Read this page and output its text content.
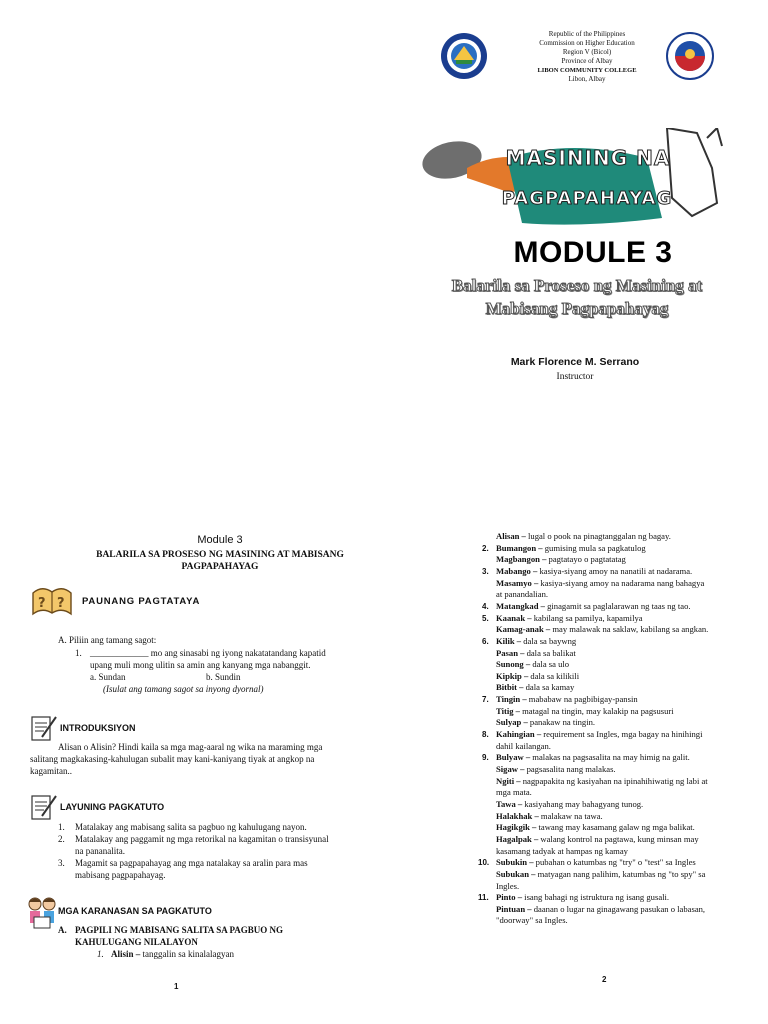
Republic of the Philippines
Commission on Higher Education
Region V (Bicol)
Province of Albay
LIBON COMMUNITY COLLEGE
Libon, Albay
MASINING NA
PAGPAPAHAYAG
MODULE 3
Balarila sa Proseso ng Masining at
Mabisang Pagpapahayag
Mark Florence M. Serrano
Instructor
Module 3
BALARILA SA PROSESO NG MASINING AT MABISANG
PAGPAPAHAYAG
? ? PAUNANG PAGTATAYA
A. Piliin ang tamang sagot:
1. _____________ mo ang sinasabi ng iyong nakatatandang kapatid
upang muli mong ulitin sa amin ang kanyang mga nabanggit.
a. Sundan	b. Sundin
(Isulat ang tamang sagot sa inyong dyornal)
INTRODUKSIYON
Alisan o Alisin? Hindi kaila sa mga mag-aaral ng wika na maraming mga
salitang magkakasing-kahulugan subalit may kani-kaniyang tiyak at angkop na
kagamitan..
LAYUNING PAGKATUTO
1. Matalakay ang mabisang salita sa pagbuo ng kahulugang nayon.
2. Matalakay ang paggamit ng mga retorikal na kagamitan o transisyunal
na pananalita.
3. Magamit sa pagpapahayag ang mga natalakay sa aralin para mas
mabisang pagpapahayag.
MGA KARANASAN SA PAGKATUTO
A. PAGPILI NG MABISANG SALITA SA PAGBUO NG
KAHULUGANG NILALAYON
1. Alisin – tanggalin sa kinalalagyan
1
Alisan – lugal o pook na pinagtanggalan ng bagay.
2. Bumangon – gumising mula sa pagkatulog
Magbangon – pagtatayo o pagtatatag
3. Mabango – kasiya-siyang amoy na nanatili at nadarama.
Masamyo – kasiya-siyang amoy na nadarama nang bahagya
at panandalian.
4. Matangkad – ginagamit sa paglalarawan ng taas ng tao.
5. Kaanak – kabilang sa pamilya, kapamilya
Kamag-anak – may malawak na saklaw, kabilang sa angkan.
6. Kilik – dala sa baywng
Pasan – dala sa balikat
Sunong – dala sa ulo
Kipkip – dala sa kilikili
Bitbit – dala sa kamay
7. Tingin – mababaw na pagbibigay-pansin
Titig – matagal na tingin, may kalakip na pagsusuri
Sulyap – panakaw na tingin.
8. Kahingian – requirement sa Ingles, mga bagay na hinihingi
dahil kailangan.
9. Bulyaw – malakas na pagsasalita na may himig na galit.
Sigaw – pagsasalita nang malakas.
Ngiti – nagpapakita ng kasiyahan na ipinahihiwatig ng labi at
mga mata.
Tawa – kasiyahang may bahagyang tunog.
Halakhak – malakaw na tawa.
Hagikgik – tawang may kasamang galaw ng mga balikat.
Hagalpak – walang kontrol na pagtawa, kung minsan may
kasamang tadyak at hampas ng kamay
10. Subukin – pubahan o katumbas ng "try" o "test" sa Ingles
Subukan – matyagan nang palihim, katumbas ng "to spy" sa
Ingles.
11. Pinto – isang bahagi ng istruktura ng isang gusali.
Pintuan – daanan o lugar na ginagawang pasukan o labasan,
"doorway" sa Ingles.
2
